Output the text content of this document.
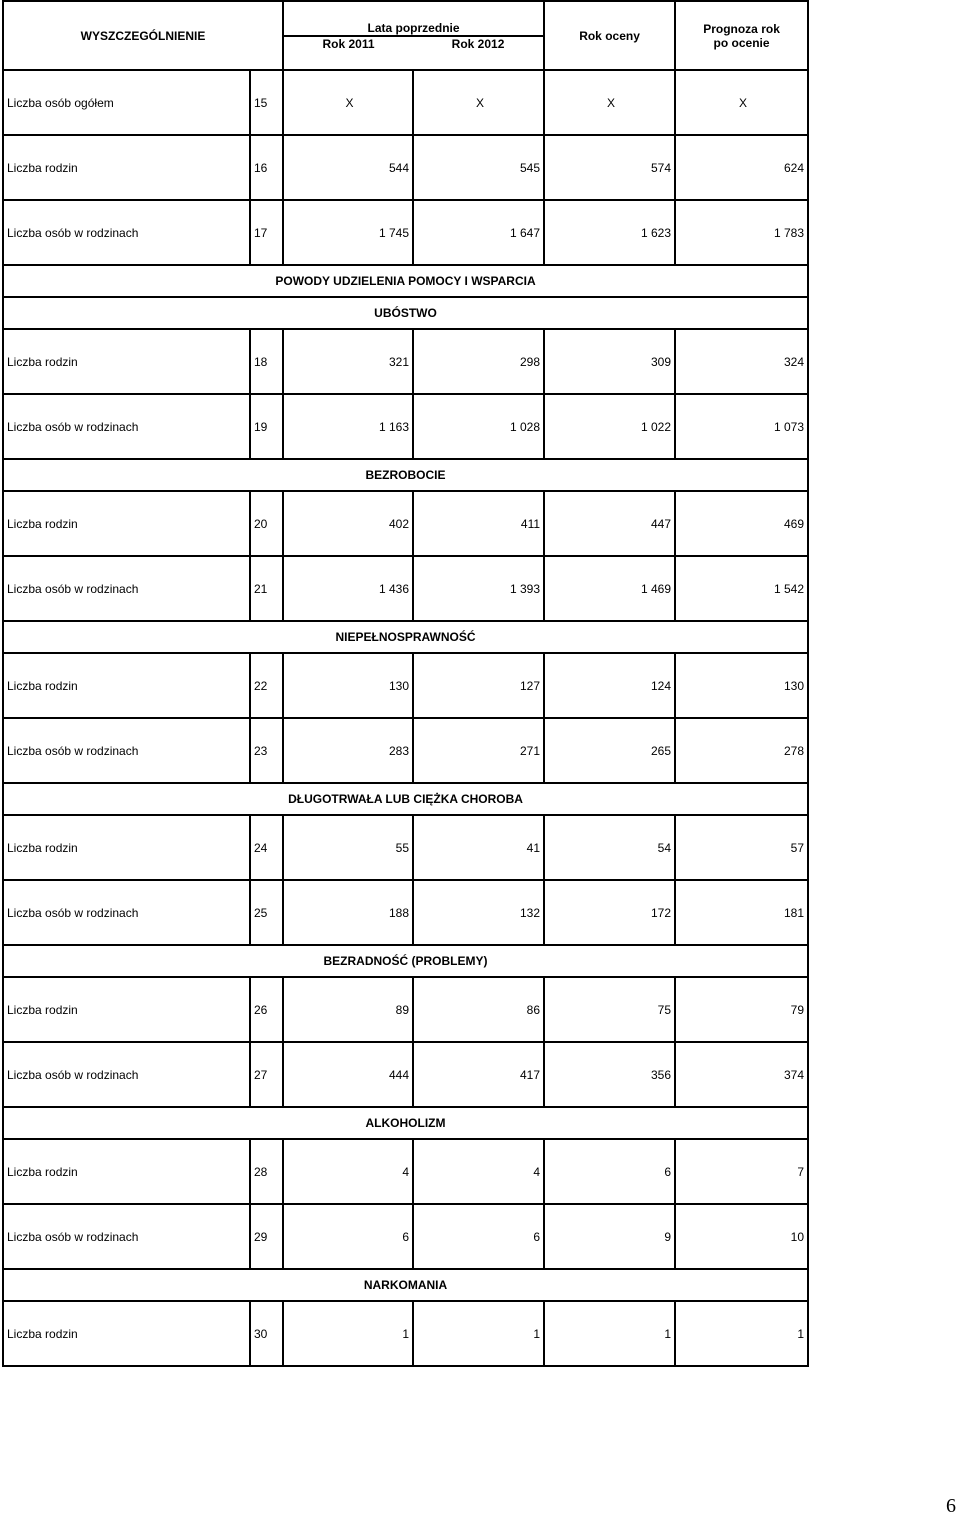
WYSZCZEGÓLNIENIE		Lata poprzednie		Rok oceny	Prognoza rok
po ocenie
		Rok 2011	Rok 2012		
Liczba osób ogółem	15	X	X	X	X
Liczba rodzin	16	544	545	574	624
Liczba osób w rodzinach	17	1 745	1 647	1 623	1 783
POWODY UDZIELENIA POMOCY I WSPARCIA					
UBÓSTWO					
Liczba rodzin	18	321	298	309	324
Liczba osób w rodzinach	19	1 163	1 028	1 022	1 073
BEZROBOCIE					
Liczba rodzin	20	402	411	447	469
Liczba osób w rodzinach	21	1 436	1 393	1 469	1 542
NIEPEŁNOSPRAWNOŚĆ					
Liczba rodzin	22	130	127	124	130
Liczba osób w rodzinach	23	283	271	265	278
DŁUGOTRWAŁA LUB CIĘŻKA CHOROBA					
Liczba rodzin	24	55	41	54	57
Liczba osób w rodzinach	25	188	132	172	181
BEZRADNOŚĆ (PROBLEMY)					
Liczba rodzin	26	89	86	75	79
Liczba osób w rodzinach	27	444	417	356	374
ALKOHOLIZM					
Liczba rodzin	28	4	4	6	7
Liczba osób w rodzinach	29	6	6	9	10
NARKOMANIA					
Liczba rodzin	30	1	1	1	1
6
